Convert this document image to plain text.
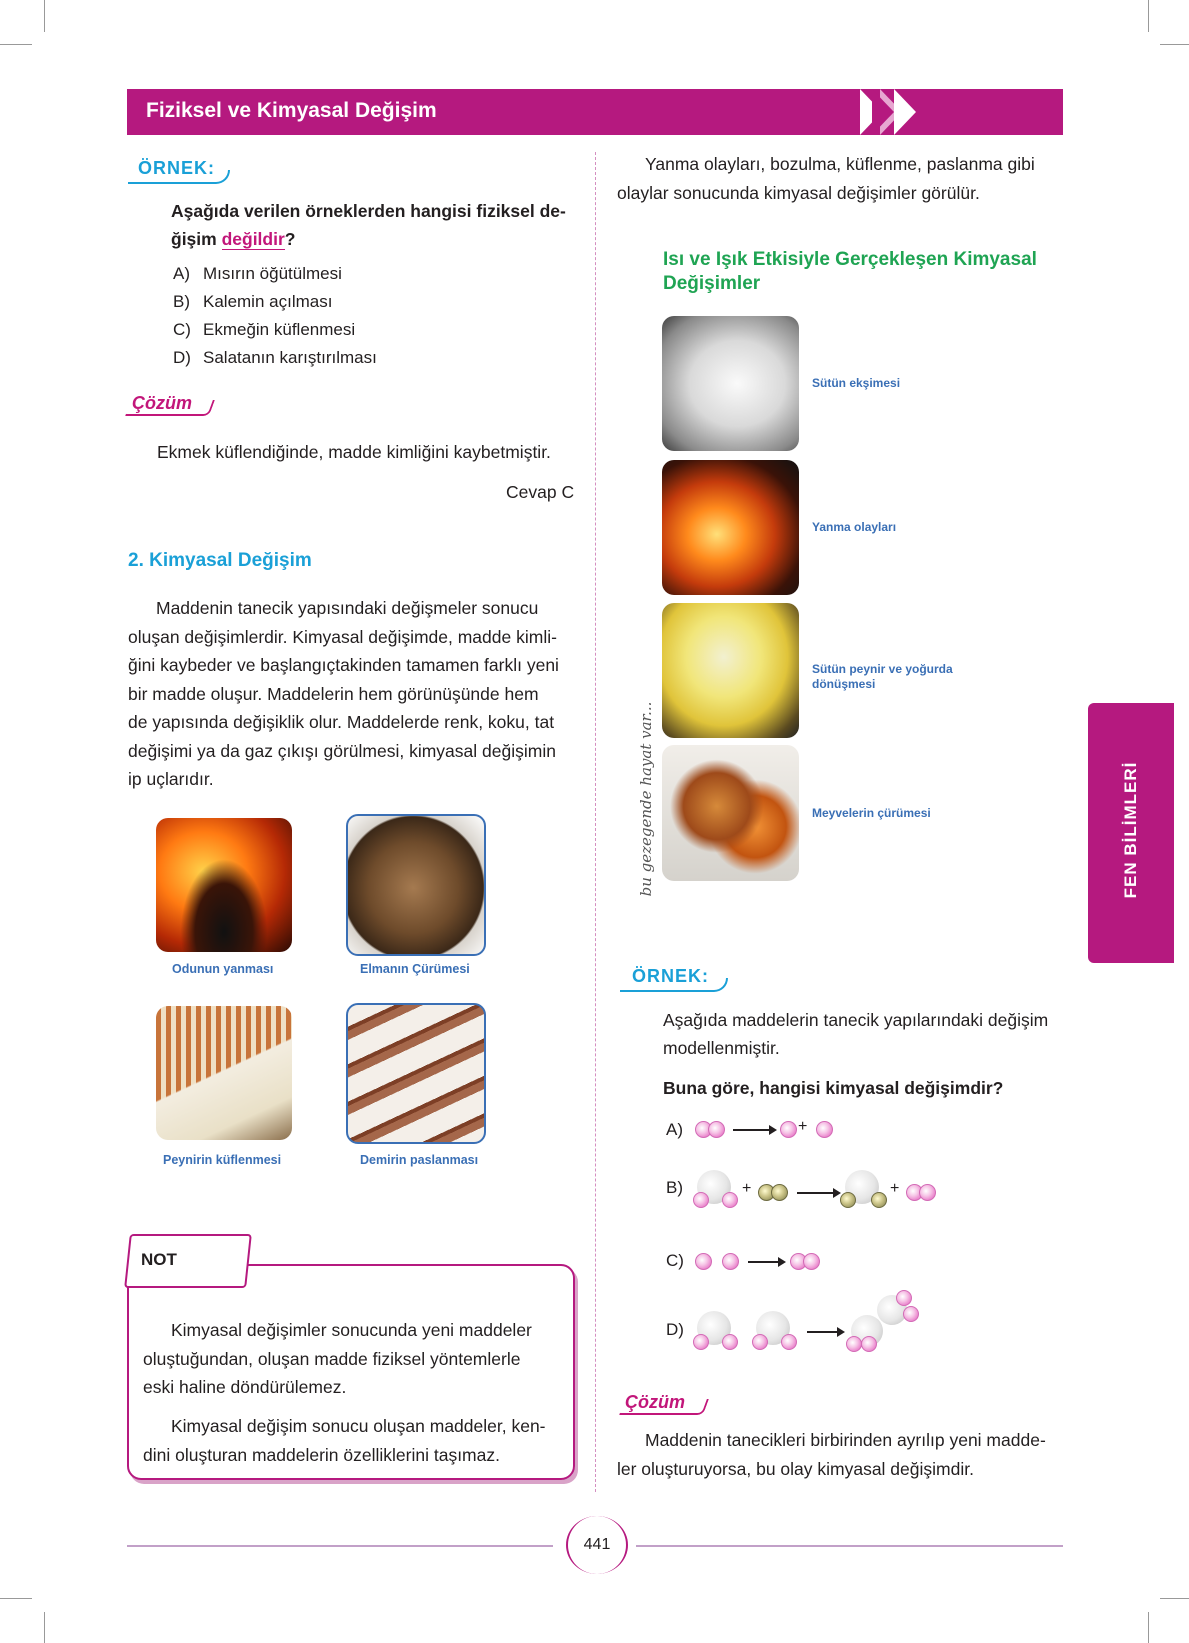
Fiziksel ve Kimyasal Değişim
ÖRNEK:
Aşağıda verilen örneklerden hangisi fiziksel de-
ğişim değildir?
A) Mısırın öğütülmesi
B) Kalemin açılması
C) Ekmeğin küflenmesi
D) Salatanın karıştırılması
Çözüm
Ekmek küflendiğinde, madde kimliğini kaybetmiştir.
Cevap C
2. Kimyasal Değişim
Maddenin tanecik yapısındaki değişmeler sonucu
oluşan değişimlerdir. Kimyasal değişimde, madde kimli-
ğini kaybeder ve başlangıçtakinden tamamen farklı yeni
bir madde oluşur. Maddelerin hem görünüşünde hem
de yapısında değişiklik olur. Maddelerde renk, koku, tat
değişimi ya da gaz çıkışı görülmesi, kimyasal değişimin
ip uçlarıdır.
Odunun yanması	Elmanın Çürümesi
Peynirin küflenmesi	Demirin paslanması
NOT
Kimyasal değişimler sonucunda yeni maddeler
oluştuğundan, oluşan madde fiziksel yöntemlerle
eski haline döndürülemez.
Kimyasal değişim sonucu oluşan maddeler, ken-
dini oluşturan maddelerin özelliklerini taşımaz.
bu gezegende hayat var...
Yanma olayları, bozulma, küflenme, paslanma gibi
olaylar sonucunda kimyasal değişimler görülür.
Isı ve Işık Etkisiyle Gerçekleşen Kimyasal
Değişimler
Sütün ekşimesi
Yanma olayları
Sütün peynir ve yoğurda dönüşmesi
Meyvelerin çürümesi
ÖRNEK:
Aşağıda maddelerin tanecik yapılarındaki değişim
modellenmiştir.
Buna göre, hangisi kimyasal değişimdir?
A)	+
B)	+	+
C)
D)
Çözüm
Maddenin tanecikleri birbirinden ayrılıp yeni madde-
ler oluşturuyorsa, bu olay kimyasal değişimdir.
FEN BİLİMLERİ
441
